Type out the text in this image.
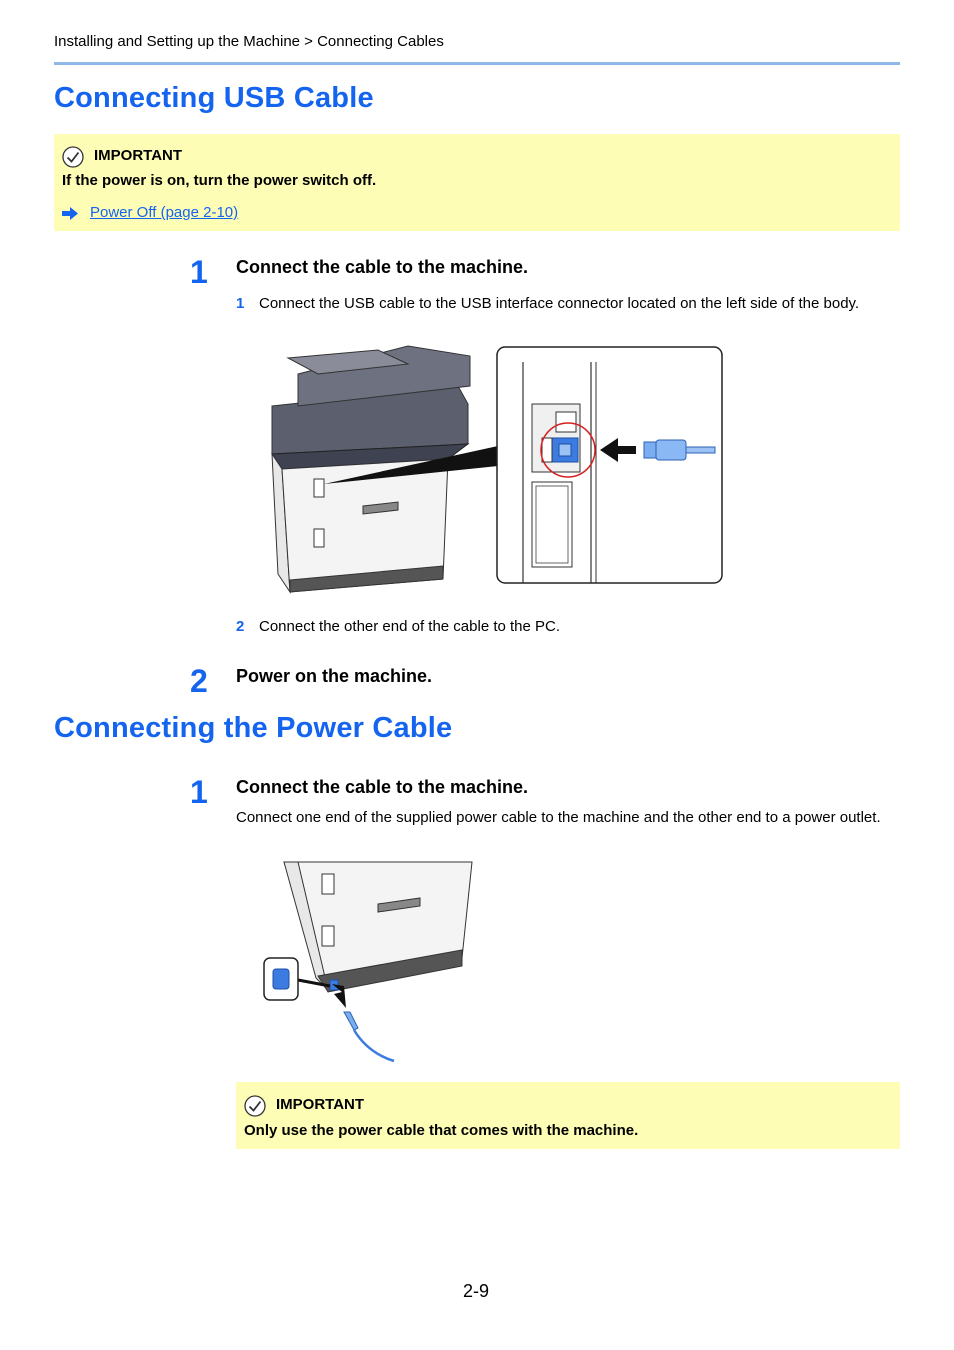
Installing and Setting up the Machine > Connecting Cables
Connecting USB Cable
IMPORTANT
If the power is on, turn the power switch off.
Power Off (page 2-10)
1 Connect the cable to the machine.
1 Connect the USB cable to the USB interface connector located on the left side of the body.
2 Connect the other end of the cable to the PC.
2 Power on the machine.
Connecting the Power Cable
1 Connect the cable to the machine.
Connect one end of the supplied power cable to the machine and the other end to a power outlet.
IMPORTANT
Only use the power cable that comes with the machine.
2-9
